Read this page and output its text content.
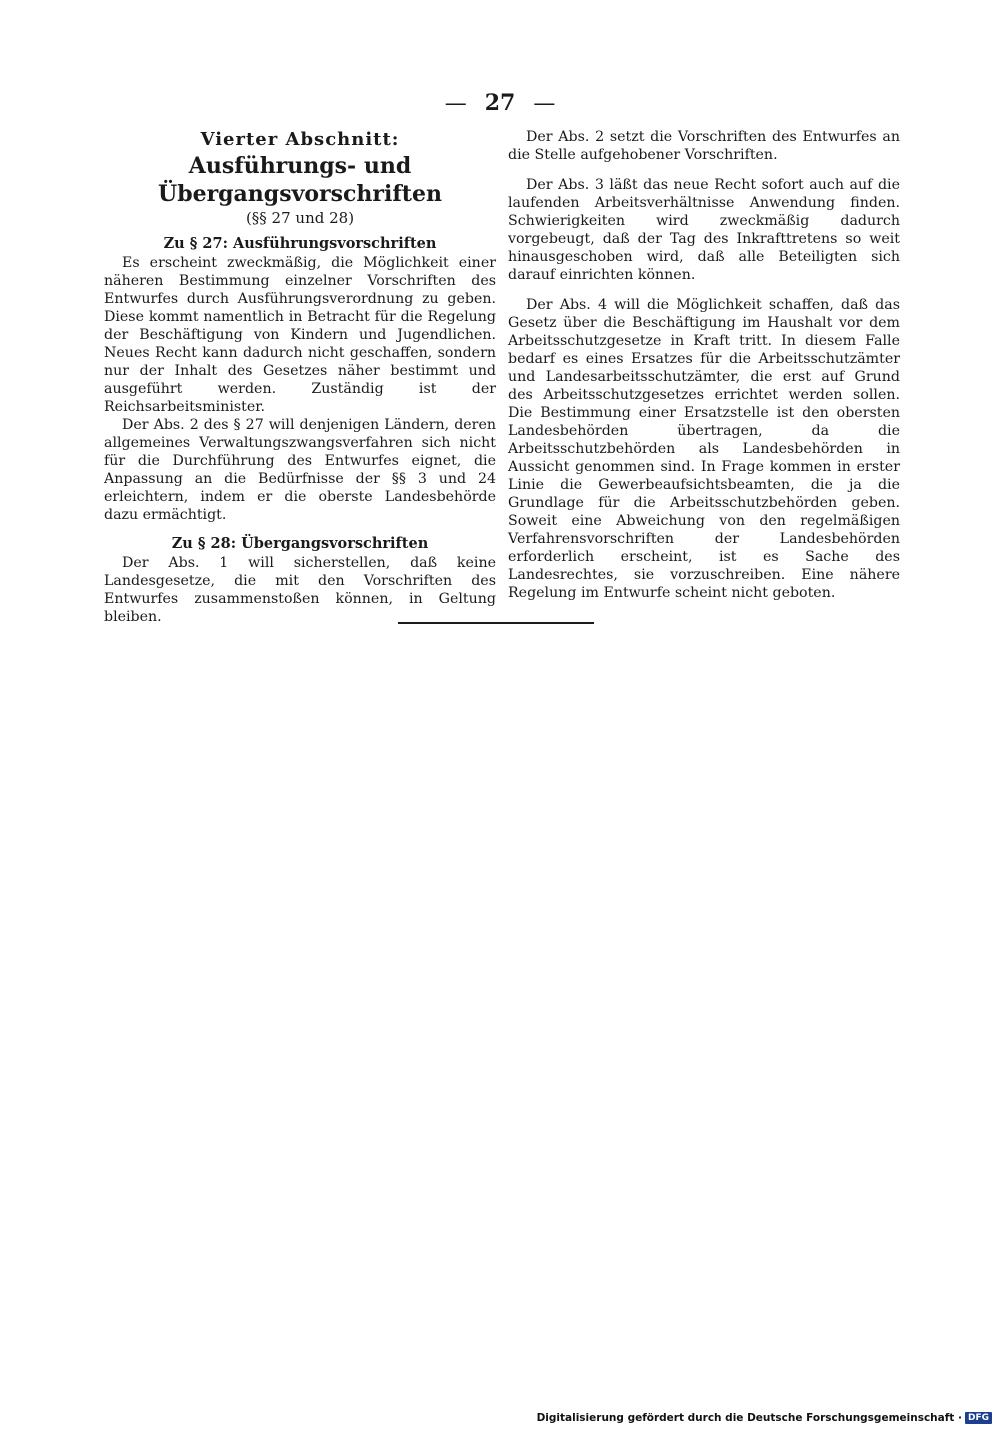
— 27 —
Vierter Abschnitt:
Ausführungs- und Übergangsvorschriften
(§§ 27 und 28)
Zu § 27: Ausführungsvorschriften

Es erscheint zweckmäßig, die Möglichkeit einer näheren Bestimmung einzelner Vorschriften des Entwurfes durch Ausführungsverordnung zu geben. Diese kommt namentlich in Betracht für die Regelung der Beschäftigung von Kindern und Jugendlichen. Neues Recht kann dadurch nicht geschaffen, sondern nur der Inhalt des Gesetzes näher bestimmt und ausgeführt werden. Zuständig ist der Reichsarbeitsminister.

Der Abs. 2 des § 27 will denjenigen Ländern, deren allgemeines Verwaltungszwangsverfahren sich nicht für die Durchführung des Entwurfes eignet, die Anpassung an die Bedürfnisse der §§ 3 und 24 erleichtern, indem er die oberste Landesbehörde dazu ermächtigt.

Zu § 28: Übergangsvorschriften

Der Abs. 1 will sicherstellen, daß keine Landesgesetze, die mit den Vorschriften des Entwurfes zusammenstoßen können, in Geltung bleiben.

Der Abs. 2 setzt die Vorschriften des Entwurfes an die Stelle aufgehobener Vorschriften.

Der Abs. 3 läßt das neue Recht sofort auch auf die laufenden Arbeitsverhältnisse Anwendung finden. Schwierigkeiten wird zweckmäßig dadurch vorgebeugt, daß der Tag des Inkrafttretens so weit hinausgeschoben wird, daß alle Beteiligten sich darauf einrichten können.

Der Abs. 4 will die Möglichkeit schaffen, daß das Gesetz über die Beschäftigung im Haushalt vor dem Arbeitsschutzgesetze in Kraft tritt. In diesem Falle bedarf es eines Ersatzes für die Arbeitsschutzämter und Landesarbeitsschutzämter, die erst auf Grund des Arbeitsschutzgesetzes errichtet werden sollen. Die Bestimmung einer Ersatzstelle ist den obersten Landesbehörden übertragen, da die Arbeitsschutzbehörden als Landesbehörden in Aussicht genommen sind. In Frage kommen in erster Linie die Gewerbeaufsichtsbeamten, die ja die Grundlage für die Arbeitsschutzbehörden geben. Soweit eine Abweichung von den regelmäßigen Verfahrensvorschriften der Landesbehörden erforderlich erscheint, ist es Sache des Landesrechtes, sie vorzuschreiben. Eine nähere Regelung im Entwurfe scheint nicht geboten.

Digitalisierung gefördert durch die Deutsche Forschungsgemeinschaft · DFG
